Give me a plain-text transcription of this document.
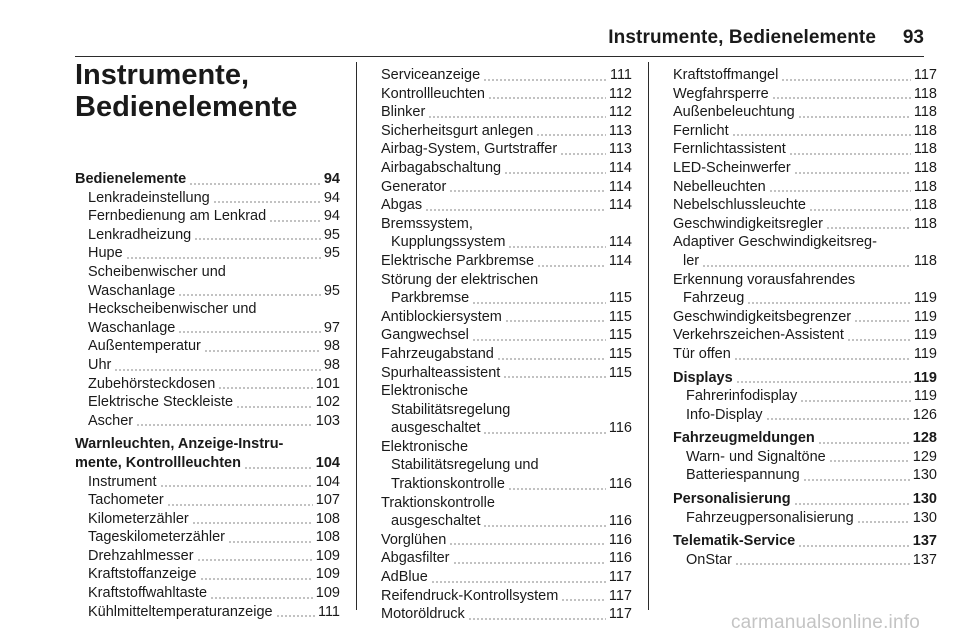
Instrumente, Bedienelemente 93
Instrumente,
Bedienelemente
Bedienelemente	94
Lenkradeinstellung	94
Fernbedienung am Lenkrad	94
Lenkradheizung	95
Hupe	95
Scheibenwischer und
Waschanlage	95
Heckscheibenwischer und
Waschanlage	97
Außentemperatur	98
Uhr	98
Zubehörsteckdosen	101
Elektrische Steckleiste	102
Ascher	103
Warnleuchten, Anzeige-Instru-
mente, Kontrollleuchten	104
Instrument	104
Tachometer	107
Kilometerzähler	108
Tageskilometerzähler	108
Drehzahlmesser	109
Kraftstoffanzeige	109
Kraftstoffwahltaste	109
Kühlmitteltemperaturanzeige	111
Serviceanzeige	111
Kontrollleuchten	112
Blinker	112
Sicherheitsgurt anlegen	113
Airbag-System, Gurtstraffer	113
Airbagabschaltung	114
Generator	114
Abgas	114
Bremssystem,
Kupplungssystem	114
Elektrische Parkbremse	114
Störung der elektrischen
Parkbremse	115
Antiblockiersystem	115
Gangwechsel	115
Fahrzeugabstand	115
Spurhalteassistent	115
Elektronische
Stabilitätsregelung
ausgeschaltet	116
Elektronische
Stabilitätsregelung und
Traktionskontrolle	116
Traktionskontrolle
ausgeschaltet	116
Vorglühen	116
Abgasfilter	116
AdBlue	117
Reifendruck-Kontrollsystem	117
Motoröldruck	117
Kraftstoffmangel	117
Wegfahrsperre	118
Außenbeleuchtung	118
Fernlicht	118
Fernlichtassistent	118
LED-Scheinwerfer	118
Nebelleuchten	118
Nebelschlussleuchte	118
Geschwindigkeitsregler	118
Adaptiver Geschwindigkeitsreg-
ler	118
Erkennung vorausfahrendes
Fahrzeug	119
Geschwindigkeitsbegrenzer	119
Verkehrszeichen-Assistent	119
Tür offen	119
Displays	119
Fahrerinfodisplay	119
Info-Display	126
Fahrzeugmeldungen	128
Warn- und Signaltöne	129
Batteriespannung	130
Personalisierung	130
Fahrzeugpersonalisierung	130
Telematik-Service	137
OnStar	137
carmanualsonline.info
